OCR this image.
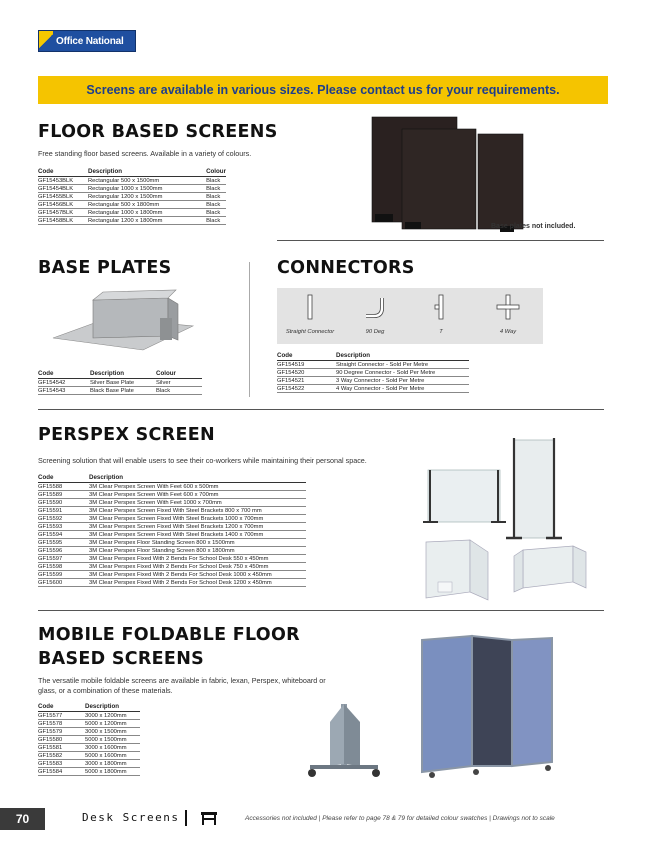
Office National
Screens are available in various sizes. Please contact us for your requirements.
FLOOR BASED SCREENS
Free standing floor based screens. Available in a variety of colours.
Code	Description	Colour
GF15453BLK	Rectangular 500 x 1500mm	Black
GF15454BLK	Rectangular 1000 x 1500mm	Black
GF15455BLK	Rectangular 1200 x 1500mm	Black
GF15456BLK	Rectangular 500 x 1800mm	Black
GF15457BLK	Rectangular 1000 x 1800mm	Black
GF15458BLK	Rectangular 1200 x 1800mm	Black
Base plates not included.
BASE PLATES
Code	Description	Colour
GF154542	Silver Base Plate	Silver
GF154543	Black Base Plate	Black
CONNECTORS
Straight Connector	90 Deg	T	4 Way
Code	Description
GF154519	Straight Connector - Sold Per Metre
GF154520	90 Degree Connector - Sold Per Metre
GF154521	3 Way Connector - Sold Per Metre
GF154522	4 Way Connector - Sold Per Metre
PERSPEX SCREEN
Screening solution that will enable users to see their co-workers while maintaining their personal space.
Code	Description
GF15588	3M Clear Perspex Screen With Feet 600 x 500mm
GF15589	3M Clear Perspex Screen With Feet 600 x 700mm
GF15590	3M Clear Perspex Screen With Feet 1000 x 700mm
GF15591	3M Clear Perspex Screen Fixed With Steel Brackets 800 x 700 mm
GF15592	3M Clear Perspex Screen Fixed With Steel Brackets 1000 x 700mm
GF15593	3M Clear Perspex Screen Fixed With Steel Brackets 1200 x 700mm
GF15594	3M Clear Perspex Screen Fixed With Steel Brackets 1400 x 700mm
GF15595	3M Clear Perspex Floor Standing Screen 800 x 1500mm
GF15596	3M Clear Perspex Floor Standing Screen 800 x 1800mm
GF15597	3M Clear Perspex Fixed With 2 Bends For School Desk 550 x 450mm
GF15598	3M Clear Perspex Fixed With 2 Bends For School Desk 750 x 450mm
GF15599	3M Clear Perspex Fixed With 2 Bends For School Desk 1000 x 450mm
GF15600	3M Clear Perspex Fixed With 2 Bends For School Desk 1200 x 450mm
MOBILE FOLDABLE FLOOR
BASED SCREENS
The versatile mobile foldable screens are available in fabric, lexan, Perspex, whiteboard or
glass, or a combination of these materials.
Code	Description
GF15577	3000 x 1200mm
GF15578	5000 x 1200mm
GF15579	3000 x 1500mm
GF15580	5000 x 1500mm
GF15581	3000 x 1600mm
GF15582	5000 x 1600mm
GF15583	3000 x 1800mm
GF15584	5000 x 1800mm
70	Desk Screens	Accessories not included | Please refer to page 78 & 79 for detailed colour swatches | Drawings not to scale
